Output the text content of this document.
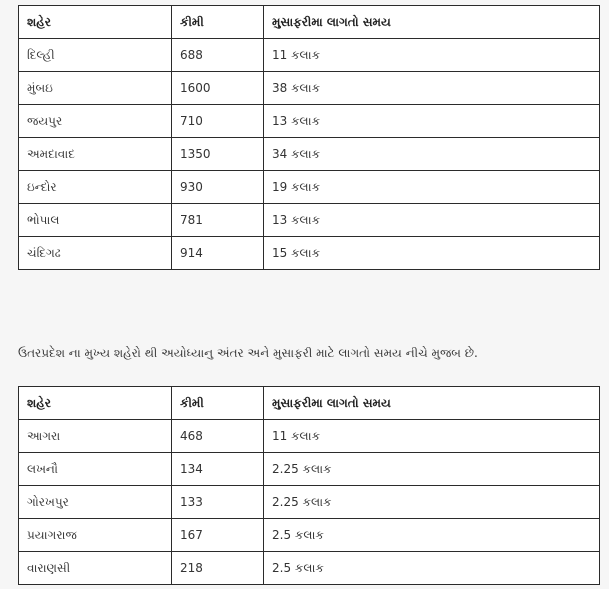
શહેર	કીમી	મુસાફરીમા લાગતો સમય
દિલ્હી	688	11 કલાક
મુંબઇ	1600	38 કલાક
જયપુર	710	13 કલાક
અમદાવાદ	1350	34 કલાક
ઇન્દોર	930	19 કલાક
ભોપાલ	781	13 કલાક
ચંદિગઢ	914	15 કલાક
ઉતરપ્રદેશ ના મુખ્ય શહેરો થી અયોધ્યાનુ અંતર અને મુસાફરી માટે લાગતો સમય નીચે મુજબ છે.
શહેર	કીમી	મુસાફરીમા લાગતો સમય
આગરા	468	11 કલાક
લખનૌ	134	2.25 કલાક
ગોરખપુર	133	2.25 કલાક
પ્રયાગરાજ	167	2.5 કલાક
વારાણસી	218	2.5 કલાક
